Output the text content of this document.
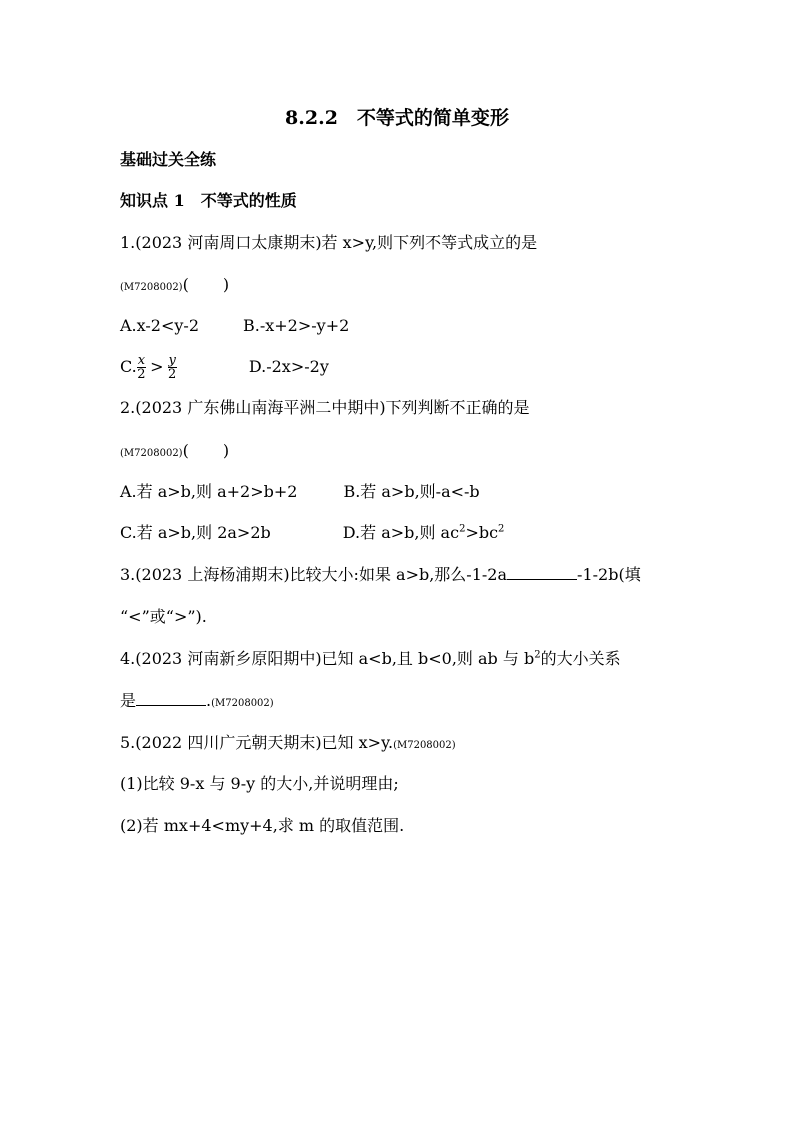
8.2.2　不等式的简单变形
基础过关全练
知识点 1　不等式的性质
1.(2023 河南周口太康期末)若 x>y,则下列不等式成立的是
(M7208002)( )
A.x-2<y-2	B.-x+2>-y+2
C. $\frac{x}{2} > \frac{y}{2}$	D.-2x>-2y
2.(2023 广东佛山南海平洲二中期中)下列判断不正确的是
(M7208002)( )
A.若 a>b,则 a+2>b+2	B.若 a>b,则-a<-b
C.若 a>b,则 2a>2b	D.若 a>b,则 $ac^2>bc^2$
3.(2023 上海杨浦期末)比较大小:如果 a>b,那么-1-2a	-1-2b(填
“<”或“>”).
4.(2023 河南新乡原阳期中)已知 a<b,且 b<0,则 ab 与 $b^2$的大小关系
是	.(M7208002)
5.(2022 四川广元朝天期末)已知 x>y.(M7208002)
(1)比较 9-x 与 9-y 的大小,并说明理由;
(2)若 mx+4<my+4,求 m 的取值范围.
